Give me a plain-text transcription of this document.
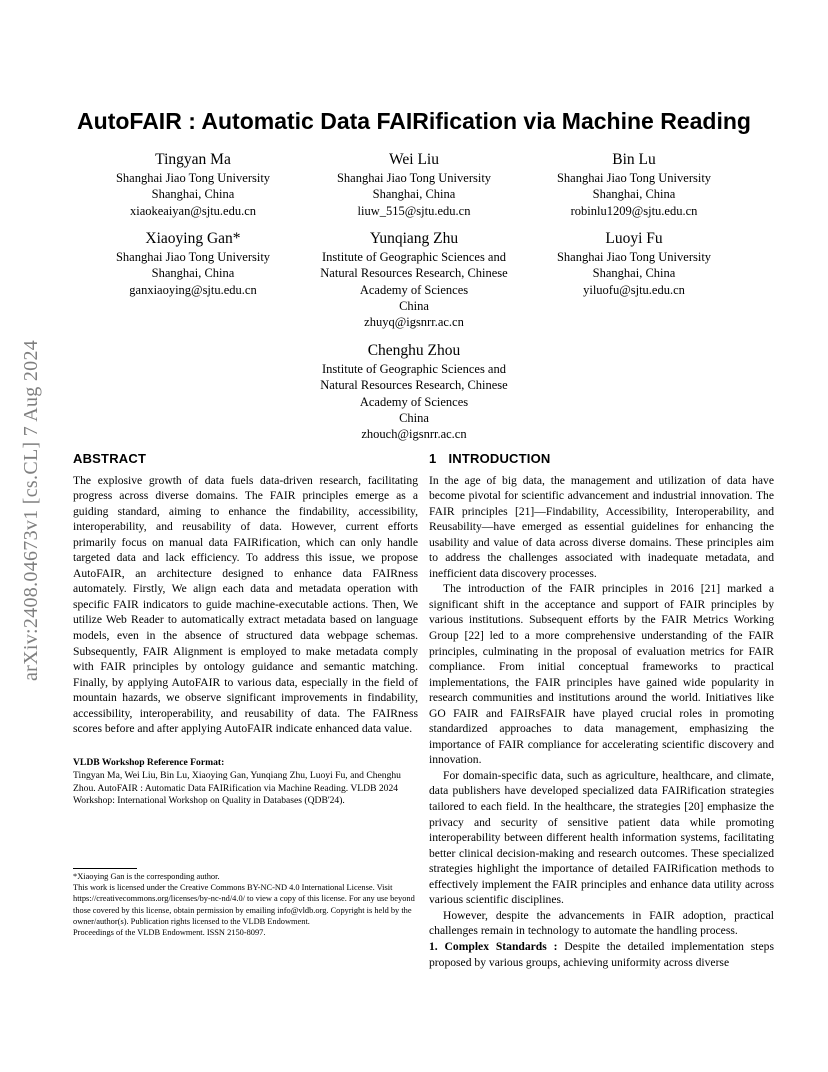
arXiv:2408.04673v1 [cs.CL] 7 Aug 2024
AutoFAIR : Automatic Data FAIRification via Machine Reading
Tingyan Ma
Shanghai Jiao Tong University
Shanghai, China
xiaokeaiyan@sjtu.edu.cn
Wei Liu
Shanghai Jiao Tong University
Shanghai, China
liuw_515@sjtu.edu.cn
Bin Lu
Shanghai Jiao Tong University
Shanghai, China
robinlu1209@sjtu.edu.cn
Xiaoying Gan*
Shanghai Jiao Tong University
Shanghai, China
ganxiaoying@sjtu.edu.cn
Yunqiang Zhu
Institute of Geographic Sciences and
Natural Resources Research, Chinese
Academy of Sciences
China
zhuyq@igsnrr.ac.cn
Luoyi Fu
Shanghai Jiao Tong University
Shanghai, China
yiluofu@sjtu.edu.cn
Chenghu Zhou
Institute of Geographic Sciences and
Natural Resources Research, Chinese
Academy of Sciences
China
zhouch@igsnrr.ac.cn
ABSTRACT

The explosive growth of data fuels data-driven research, facilitating progress across diverse domains. The FAIR principles emerge as a guiding standard, aiming to enhance the findability, accessibility, interoperability, and reusability of data. However, current efforts primarily focus on manual data FAIRification, which can only handle targeted data and lack efficiency. To address this issue, we propose AutoFAIR, an architecture designed to enhance data FAIRness automately. Firstly, We align each data and metadata operation with specific FAIR indicators to guide machine-executable actions. Then, We utilize Web Reader to automatically extract metadata based on language models, even in the absence of structured data webpage schemas. Subsequently, FAIR Alignment is employed to make metadata comply with FAIR principles by ontology guidance and semantic matching. Finally, by applying AutoFAIR to various data, especially in the field of mountain hazards, we observe significant improvements in findability, accessibility, interoperability, and reusability of data. The FAIRness scores before and after applying AutoFAIR indicate enhanced data value.

VLDB Workshop Reference Format:

Tingyan Ma, Wei Liu, Bin Lu, Xiaoying Gan, Yunqiang Zhu, Luoyi Fu, and Chenghu Zhou. AutoFAIR : Automatic Data FAIRification via Machine Reading. VLDB 2024 Workshop: International Workshop on Quality in Databases (QDB'24).

*Xiaoying Gan is the corresponding author.

This work is licensed under the Creative Commons BY-NC-ND 4.0 International License. Visit https://creativecommons.org/licenses/by-nc-nd/4.0/ to view a copy of this license. For any use beyond those covered by this license, obtain permission by emailing info@vldb.org. Copyright is held by the owner/author(s). Publication rights licensed to the VLDB Endowment.

Proceedings of the VLDB Endowment. ISSN 2150-8097.

1 INTRODUCTION

In the age of big data, the management and utilization of data have become pivotal for scientific advancement and industrial innovation. The FAIR principles [21]—Findability, Accessibility, Interoperability, and Reusability—have emerged as essential guidelines for enhancing the usability and value of data across diverse domains. These principles aim to address the challenges associated with inadequate metadata, and inefficient data discovery processes.

The introduction of the FAIR principles in 2016 [21] marked a significant shift in the acceptance and support of FAIR principles by various institutions. Subsequent efforts by the FAIR Metrics Working Group [22] led to a more comprehensive understanding of the FAIR principles, culminating in the proposal of evaluation metrics for FAIR compliance. From initial conceptual frameworks to practical implementations, the FAIR principles have gained wide popularity in research communities and institutions around the world. Initiatives like GO FAIR and FAIRsFAIR have played crucial roles in promoting standardized approaches to data management, emphasizing the importance of FAIR compliance for accelerating scientific discovery and innovation.

For domain-specific data, such as agriculture, healthcare, and climate, data publishers have developed specialized data FAIRification strategies tailored to each field. In the healthcare, the strategies [20] emphasize the privacy and security of sensitive patient data while promoting interoperability between different health information systems, facilitating better clinical decision-making and research outcomes. These specialized strategies highlight the importance of detailed FAIRification methods to effectively implement the FAIR principles and enhance data utility across various scientific disciplines.

However, despite the advancements in FAIR adoption, practical challenges remain in technology to automate the handling process.

1. Complex Standards : Despite the detailed implementation steps proposed by various groups, achieving uniformity across diverse
